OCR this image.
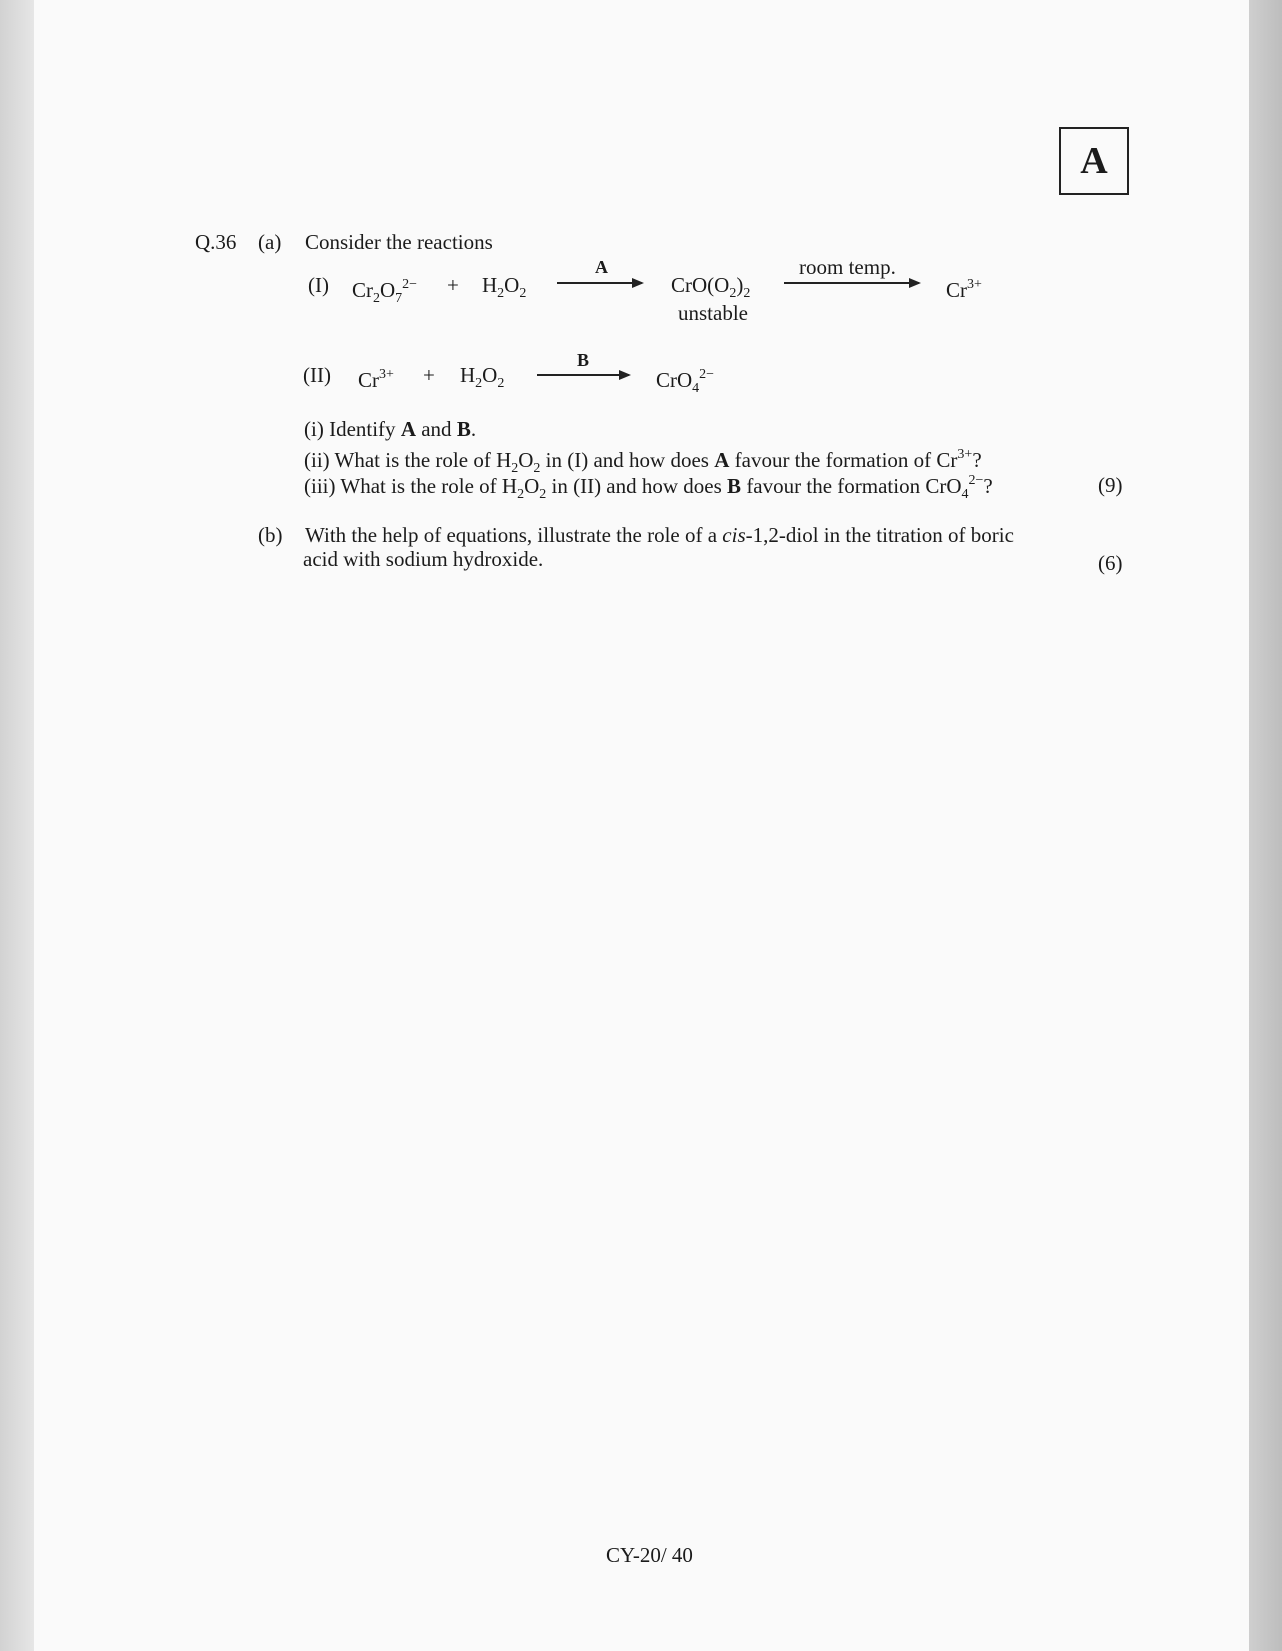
A
Q.36 (a) Consider the reactions
(I) $Cr_2O_7^{2-} + H_2O_2$
A
$CrO(O_2)_2$
unstable
room temp.
$Cr^{3+}$
(II) $Cr^{3+} + H_2O_2$
B
CrO$_4^{2-}$
(i) Identify A and B.
(ii) What is the role of $H_2O_2$ in (I) and how does A favour the formation of $Cr^{3+}$?
(iii) What is the role of $H_2O_2$ in (II) and how does B favour the formation CrO$_4^{2-}$?	(9)
(b) With the help of equations, illustrate the role of a cis-1,2-diol in the titration of boric
acid with sodium hydroxide.	(6)
CY-20/ 40
